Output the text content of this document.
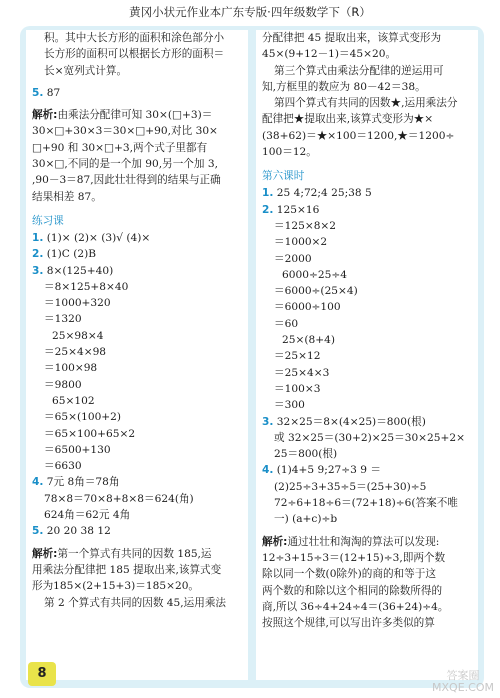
黄冈小状元作业本广东专版·四年级数学下（R）
积。其中大长方形的面积和涂色部分小
长方形的面积可以根据长方形的面积＝
长×宽列式计算。
5. 87
解析:由乘法分配律可知 30×(□+3)＝
30×□+30×3＝30×□+90,对比 30×
□+90 和 30×□+3,两个式子里都有
30×□,不同的是一个加 90,另一个加 3,
,90－3＝87,因此壮壮得到的结果与正确
结果相差 87。
练习课
1. (1)× (2)× (3)√ (4)×
2. (1)C (2)B
3. 8×(125+40)
＝8×125+8×40
＝1000+320
＝1320
25×98×4
＝25×4×98
＝100×98
＝9800
65×102
＝65×(100+2)
＝65×100+65×2
＝6500+130
＝6630
4. 7元 8角＝78角
78×8＝70×8+8×8＝624(角)
624角＝62元 4角
5. 20 20 38 12
解析:第一个算式有共同的因数 185,运
用乘法分配律把 185 提取出来,该算式变
形为185×(2+15+3)＝185×20。
第 2 个算式有共同的因数 45,运用乘法
分配律把 45 提取出来，该算式变形为
45×(9+12－1)＝45×20。
第三个算式由乘法分配律的逆运用可
知,方框里的数应为 80－42＝38。
第四个算式有共同的因数★,运用乘法分
配律把★提取出来,该算式变形为★×
(38+62)＝★×100＝1200,★＝1200÷
100＝12。
第六课时
1. 25 4;72;4 25;38 5
2. 125×16
＝125×8×2
＝1000×2
＝2000
6000÷25÷4
＝6000÷(25×4)
＝6000÷100
＝60
25×(8+4)
＝25×12
＝25×4×3
＝100×3
＝300
3. 32×25＝8×(4×25)＝800(根)
或 32×25＝(30+2)×25＝30×25+2×
25＝800(根)
4. (1)4+5 9;27÷3 9 ＝
(2)25÷3+35÷5＝(25+30)÷5
72÷6+18÷6＝(72+18)÷6(答案不唯
一) (a+c)÷b
解析:通过壮壮和淘淘的算法可以发现:
12÷3+15÷3＝(12+15)÷3,即两个数
除以同一个数(0除外)的商的和等于这
两个数的和除以这个相同的除数所得的
商,所以 36÷4+24÷4＝(36+24)÷4。
按照这个规律,可以写出许多类似的算
8	答案圈
MXQE.COM
